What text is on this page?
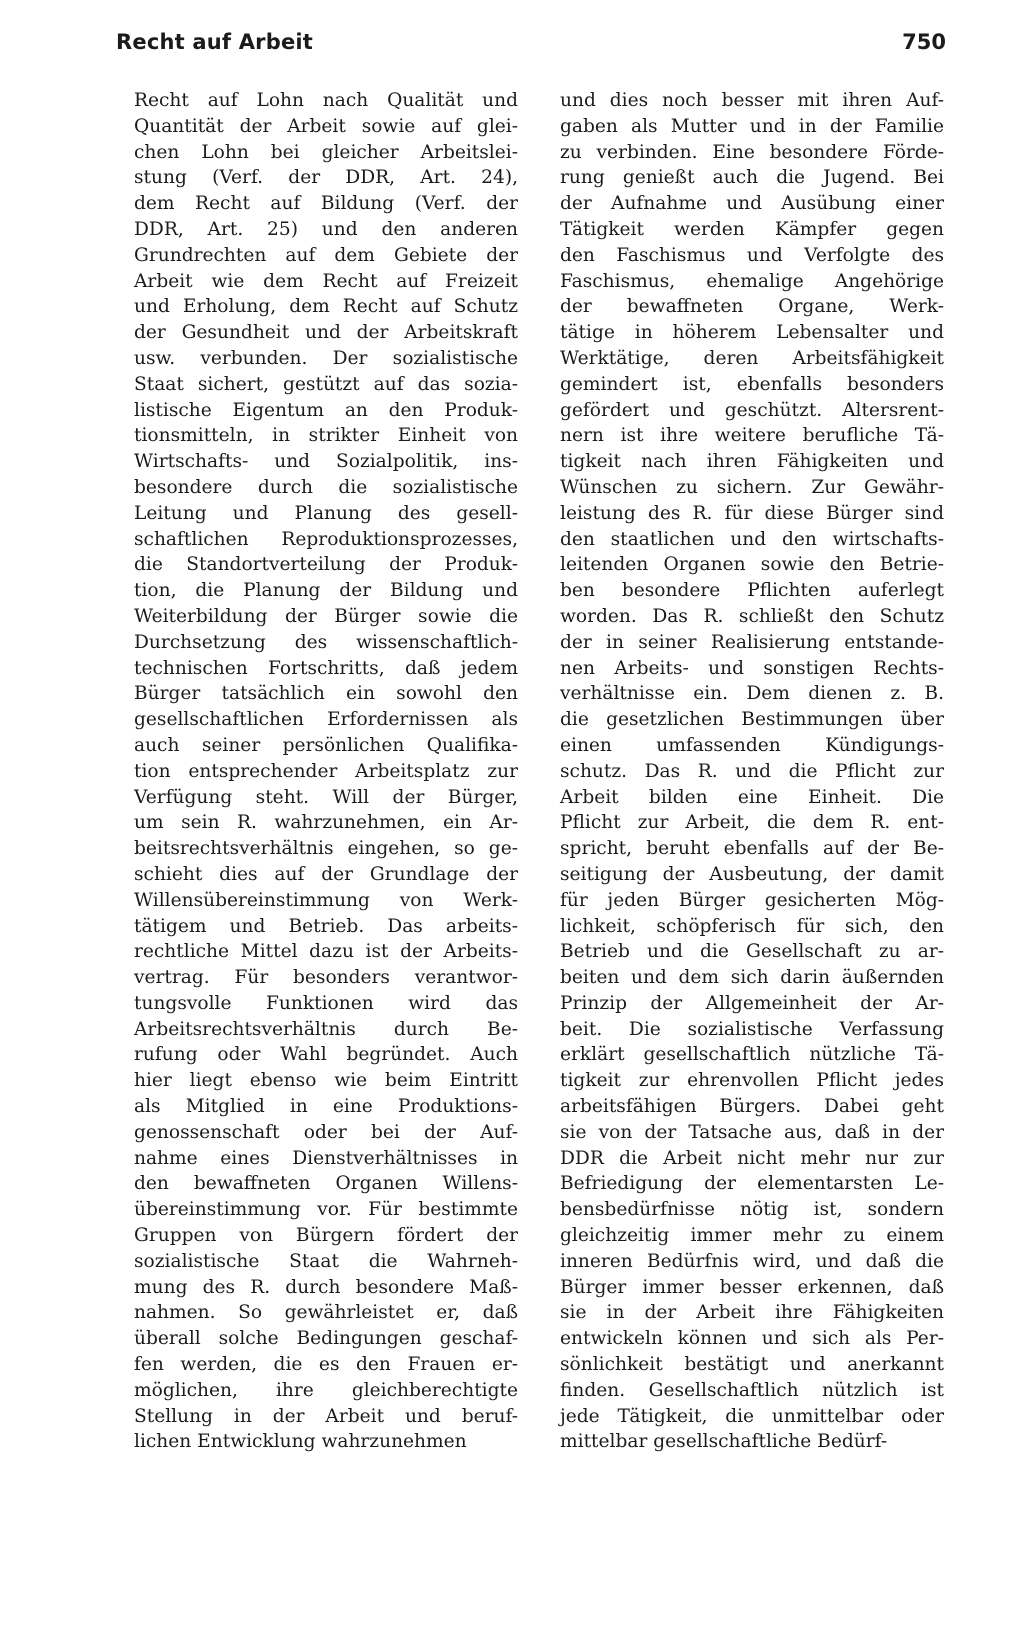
Recht auf Arbeit	750
Recht auf Lohn nach Qualität und
Quantität der Arbeit sowie auf glei-
chen Lohn bei gleicher Arbeitslei-
stung (Verf. der DDR, Art. 24),
dem Recht auf Bildung (Verf. der
DDR, Art. 25) und den anderen
Grundrechten auf dem Gebiete der
Arbeit wie dem Recht auf Freizeit
und Erholung, dem Recht auf Schutz
der Gesundheit und der Arbeitskraft
usw. verbunden. Der sozialistische
Staat sichert, gestützt auf das sozia-
listische Eigentum an den Produk-
tionsmitteln, in strikter Einheit von
Wirtschafts- und Sozialpolitik, ins-
besondere durch die sozialistische
Leitung und Planung des gesell-
schaftlichen Reproduktionsprozesses,
die Standortverteilung der Produk-
tion, die Planung der Bildung und
Weiterbildung der Bürger sowie die
Durchsetzung des wissenschaftlich-
technischen Fortschritts, daß jedem
Bürger tatsächlich ein sowohl den
gesellschaftlichen Erfordernissen als
auch seiner persönlichen Qualifika-
tion entsprechender Arbeitsplatz zur
Verfügung steht. Will der Bürger,
um sein R. wahrzunehmen, ein Ar-
beitsrechtsverhältnis eingehen, so ge-
schieht dies auf der Grundlage der
Willensübereinstimmung von Werk-
tätigem und Betrieb. Das arbeits-
rechtliche Mittel dazu ist der Arbeits-
vertrag. Für besonders verantwor-
tungsvolle Funktionen wird das
Arbeitsrechtsverhältnis durch Be-
rufung oder Wahl begründet. Auch
hier liegt ebenso wie beim Eintritt
als Mitglied in eine Produktions-
genossenschaft oder bei der Auf-
nahme eines Dienstverhältnisses in
den bewaffneten Organen Willens-
übereinstimmung vor. Für bestimmte
Gruppen von Bürgern fördert der
sozialistische Staat die Wahrneh-
mung des R. durch besondere Maß-
nahmen. So gewährleistet er, daß
überall solche Bedingungen geschaf-
fen werden, die es den Frauen er-
möglichen, ihre gleichberechtigte
Stellung in der Arbeit und beruf-
lichen Entwicklung wahrzunehmen
und dies noch besser mit ihren Auf-
gaben als Mutter und in der Familie
zu verbinden. Eine besondere Förde-
rung genießt auch die Jugend. Bei
der Aufnahme und Ausübung einer
Tätigkeit werden Kämpfer gegen
den Faschismus und Verfolgte des
Faschismus, ehemalige Angehörige
der bewaffneten Organe, Werk-
tätige in höherem Lebensalter und
Werktätige, deren Arbeitsfähigkeit
gemindert ist, ebenfalls besonders
gefördert und geschützt. Altersrent-
nern ist ihre weitere berufliche Tä-
tigkeit nach ihren Fähigkeiten und
Wünschen zu sichern. Zur Gewähr-
leistung des R. für diese Bürger sind
den staatlichen und den wirtschafts-
leitenden Organen sowie den Betrie-
ben besondere Pflichten auferlegt
worden. Das R. schließt den Schutz
der in seiner Realisierung entstande-
nen Arbeits- und sonstigen Rechts-
verhältnisse ein. Dem dienen z. B.
die gesetzlichen Bestimmungen über
einen umfassenden Kündigungs-
schutz. Das R. und die Pflicht zur
Arbeit bilden eine Einheit. Die
Pflicht zur Arbeit, die dem R. ent-
spricht, beruht ebenfalls auf der Be-
seitigung der Ausbeutung, der damit
für jeden Bürger gesicherten Mög-
lichkeit, schöpferisch für sich, den
Betrieb und die Gesellschaft zu ar-
beiten und dem sich darin äußernden
Prinzip der Allgemeinheit der Ar-
beit. Die sozialistische Verfassung
erklärt gesellschaftlich nützliche Tä-
tigkeit zur ehrenvollen Pflicht jedes
arbeitsfähigen Bürgers. Dabei geht
sie von der Tatsache aus, daß in der
DDR die Arbeit nicht mehr nur zur
Befriedigung der elementarsten Le-
bensbedürfnisse nötig ist, sondern
gleichzeitig immer mehr zu einem
inneren Bedürfnis wird, und daß die
Bürger immer besser erkennen, daß
sie in der Arbeit ihre Fähigkeiten
entwickeln können und sich als Per-
sönlichkeit bestätigt und anerkannt
finden. Gesellschaftlich nützlich ist
jede Tätigkeit, die unmittelbar oder
mittelbar gesellschaftliche Bedürf-
